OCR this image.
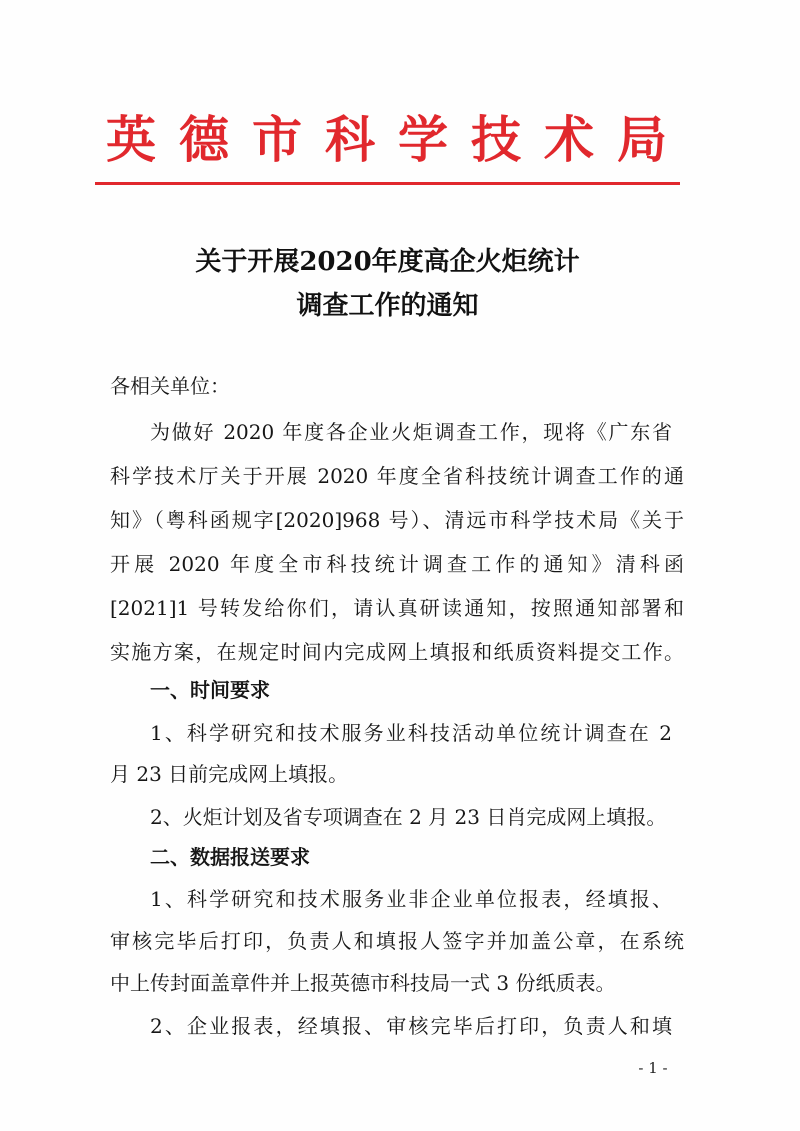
英德市科学技术局
关于开展2020年度高企火炬统计
调查工作的通知
各相关单位：
为做好 2020 年度各企业火炬调查工作，现将《广东省
科学技术厅关于开展 2020 年度全省科技统计调查工作的通
知》（粤科函规字[2020]968 号）、清远市科学技术局《关于
开展 2020 年度全市科技统计调查工作的通知》清科函
[2021]1 号转发给你们，请认真研读通知，按照通知部署和
实施方案，在规定时间内完成网上填报和纸质资料提交工作。
一、时间要求
1、科学研究和技术服务业科技活动单位统计调查在 2
月 23 日前完成网上填报。
2、火炬计划及省专项调查在 2 月 23 日肖完成网上填报。
二、数据报送要求
1、科学研究和技术服务业非企业单位报表，经填报、
审核完毕后打印，负责人和填报人签字并加盖公章，在系统
中上传封面盖章件并上报英德市科技局一式 3 份纸质表。
2、企业报表，经填报、审核完毕后打印，负责人和填
- 1 -
